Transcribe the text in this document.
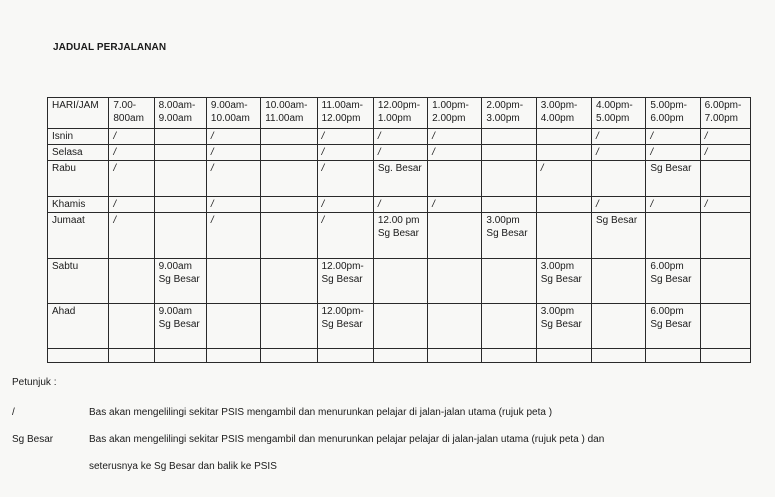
JADUAL PERJALANAN
HARI/JAM	7.00-800am	8.00am-9.00am	9.00am-10.00am	10.00am-11.00am	11.00am-12.00pm	12.00pm-1.00pm	1.00pm-2.00pm	2.00pm-3.00pm	3.00pm-4.00pm	4.00pm-5.00pm	5.00pm-6.00pm	6.00pm-7.00pm
Isnin	/		/		/	/	/			/	/	/
Selasa	/		/		/	/	/			/	/	/
Rabu	/		/		/	Sg. Besar			/		Sg Besar	
Khamis	/		/		/	/	/			/	/	/
Jumaat	/		/		/	12.00 pm Sg Besar		3.00pm Sg Besar		Sg Besar		
Sabtu		9.00am Sg Besar			12.00pm-Sg Besar				3.00pm Sg Besar		6.00pm Sg Besar	
Ahad		9.00am Sg Besar			12.00pm-Sg Besar				3.00pm Sg Besar		6.00pm Sg Besar	

Petunjuk :
/	Bas akan mengelilingi sekitar PSIS mengambil dan menurunkan pelajar di jalan-jalan utama (rujuk peta )
Sg Besar	Bas akan mengelilingi sekitar PSIS mengambil dan menurunkan pelajar pelajar di jalan-jalan utama (rujuk peta ) dan
seterusnya ke Sg Besar dan balik ke PSIS
